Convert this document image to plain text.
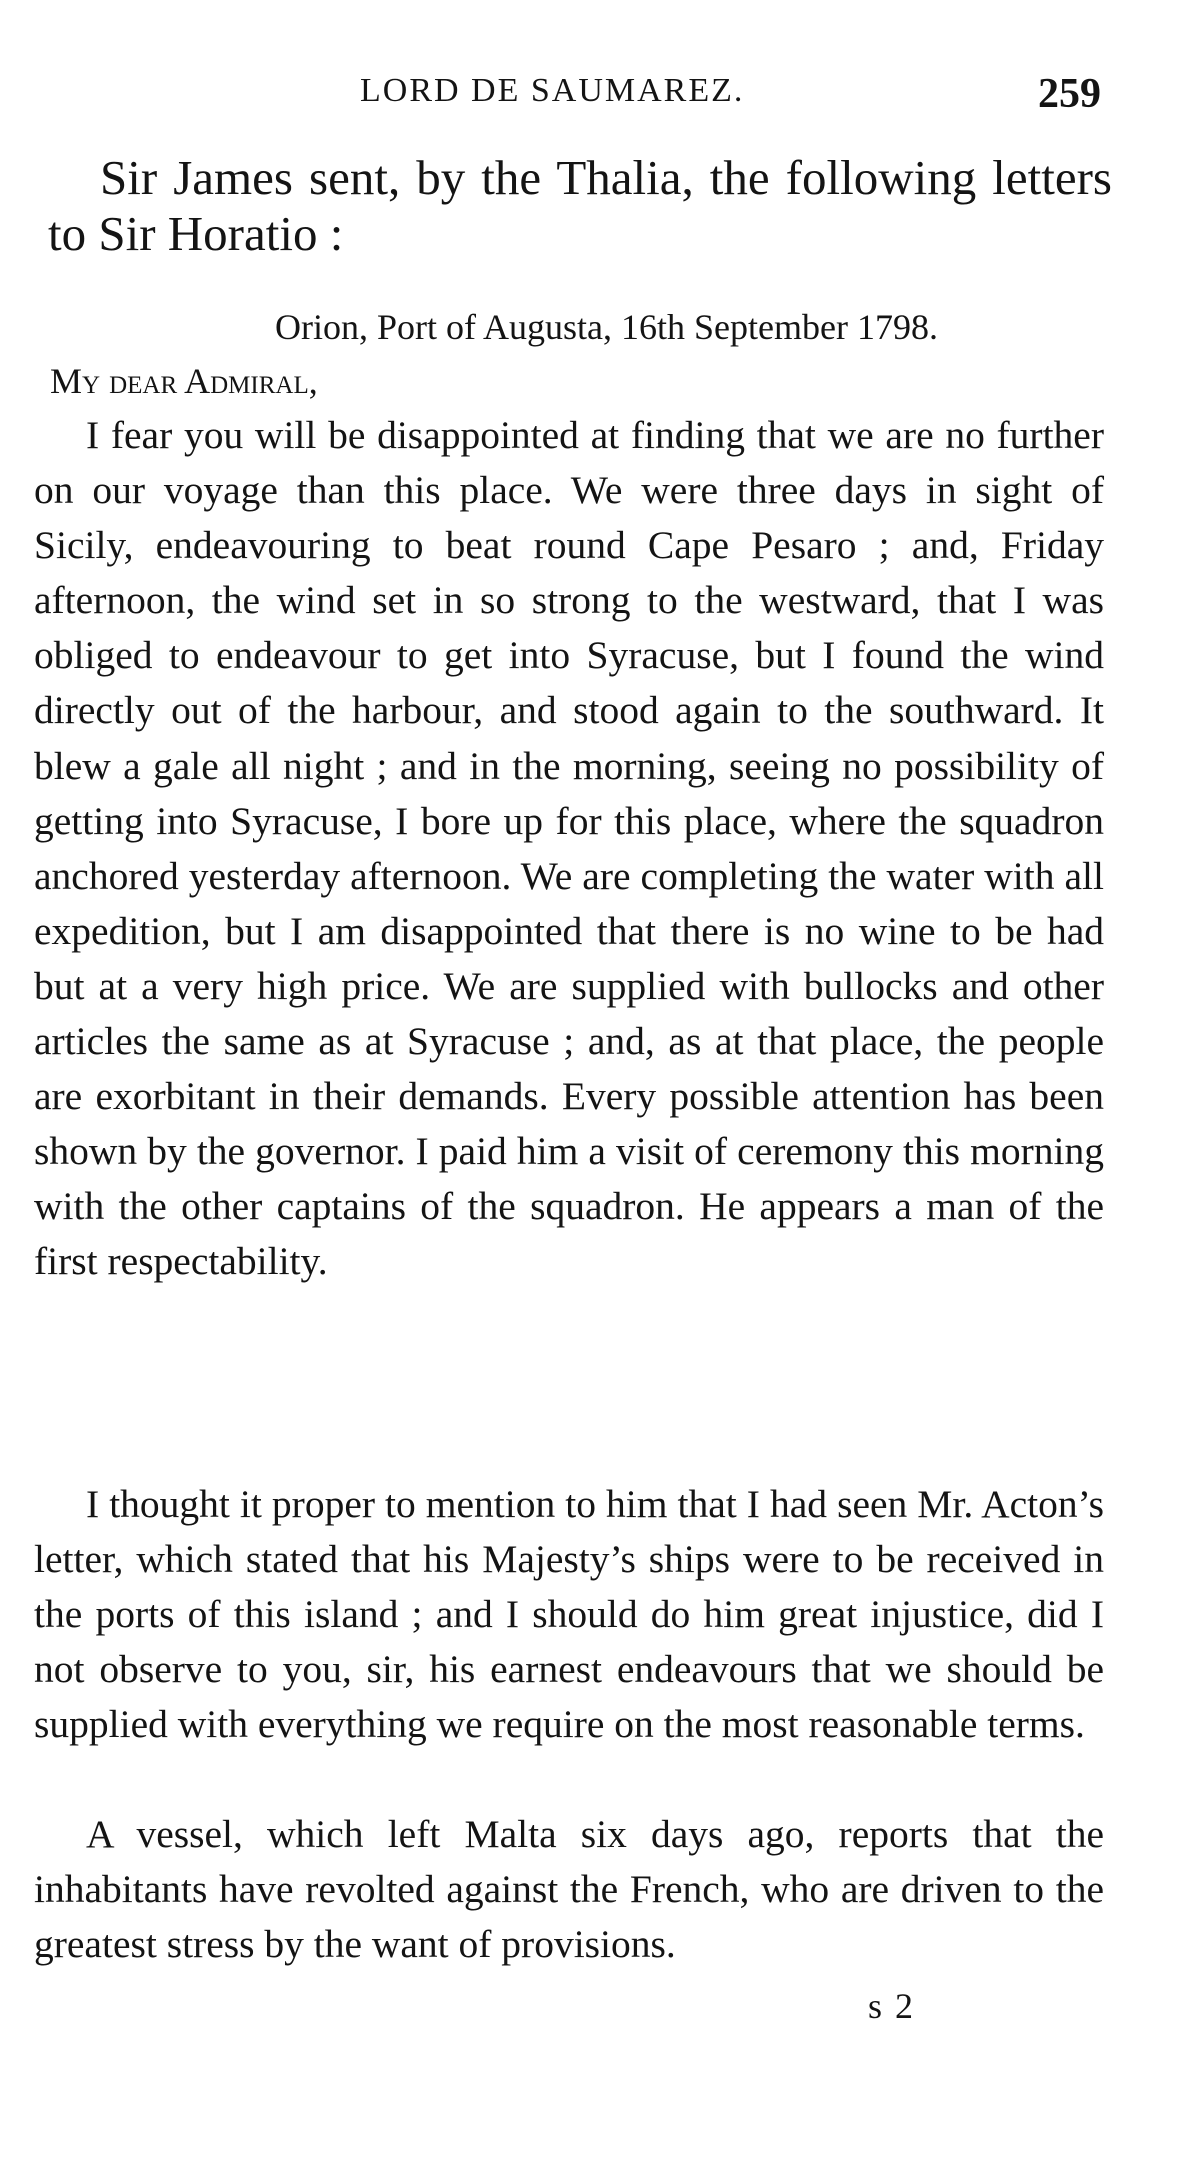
LORD DE SAUMAREZ.	259
Sir James sent, by the Thalia, the following letters to Sir Horatio :
Orion, Port of Augusta, 16th September 1798.
My dear Admiral,
I fear you will be disappointed at finding that we are no further on our voyage than this place. We were three days in sight of Sicily, endeavouring to beat round Cape Pesaro ; and, Friday afternoon, the wind set in so strong to the westward, that I was obliged to endeavour to get into Syracuse, but I found the wind directly out of the harbour, and stood again to the southward. It blew a gale all night ; and in the morning, seeing no possibility of getting into Syracuse, I bore up for this place, where the squadron anchored yesterday afternoon. We are completing the water with all expedition, but I am disappointed that there is no wine to be had but at a very high price. We are supplied with bullocks and other articles the same as at Syracuse ; and, as at that place, the people are exorbitant in their demands. Every possible attention has been shown by the governor. I paid him a visit of ceremony this morning with the other captains of the squadron. He appears a man of the first respectability.
I thought it proper to mention to him that I had seen Mr. Acton’s letter, which stated that his Majesty’s ships were to be received in the ports of this island ; and I should do him great injustice, did I not observe to you, sir, his earnest endeavours that we should be supplied with everything we require on the most reasonable terms.
A vessel, which left Malta six days ago, reports that the inhabitants have revolted against the French, who are driven to the greatest stress by the want of provisions.
s 2
